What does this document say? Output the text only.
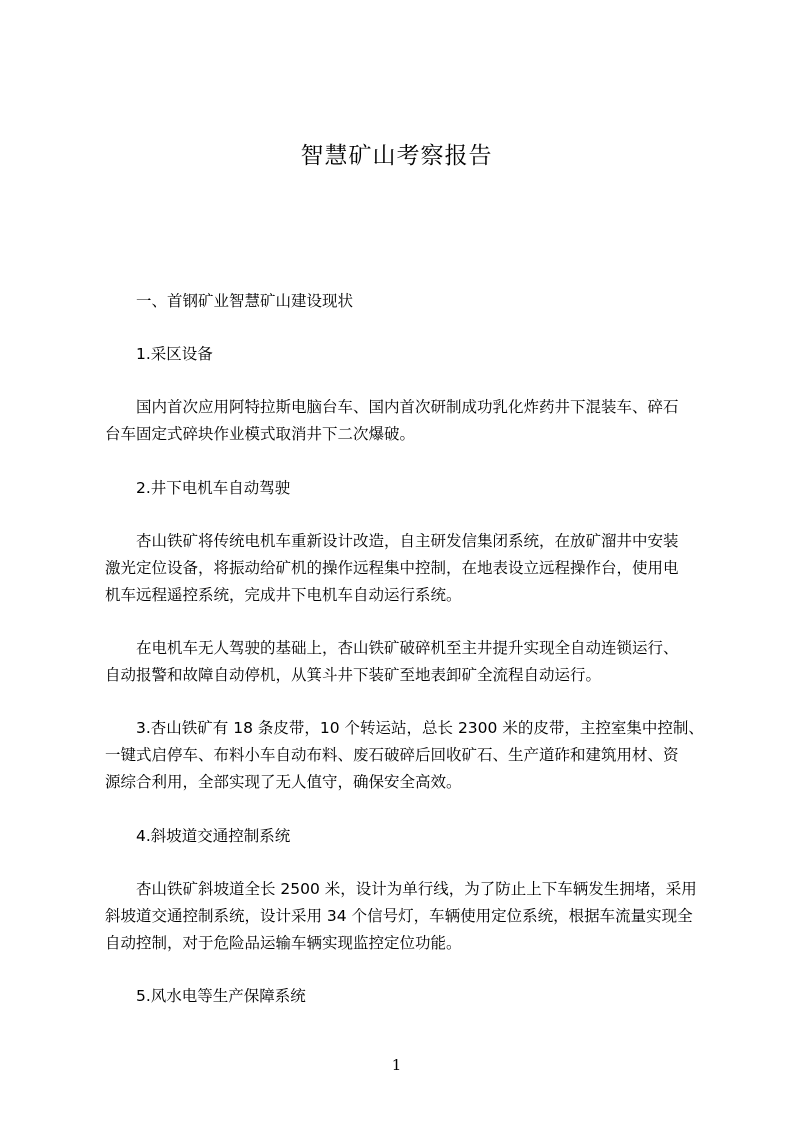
智慧矿山考察报告
一、首钢矿业智慧矿山建设现状
1.采区设备
国内首次应用阿特拉斯电脑台车、国内首次研制成功乳化炸药井下混装车、碎石
台车固定式碎块作业模式取消井下二次爆破。
2.井下电机车自动驾驶
杏山铁矿将传统电机车重新设计改造，自主研发信集闭系统，在放矿溜井中安装
激光定位设备，将振动给矿机的操作远程集中控制，在地表设立远程操作台，使用电
机车远程遥控系统，完成井下电机车自动运行系统。
在电机车无人驾驶的基础上，杏山铁矿破碎机至主井提升实现全自动连锁运行、
自动报警和故障自动停机，从箕斗井下装矿至地表卸矿全流程自动运行。
3.杏山铁矿有 18 条皮带，10 个转运站，总长 2300 米的皮带，主控室集中控制、
一键式启停车、布料小车自动布料、废石破碎后回收矿石、生产道砟和建筑用材、资
源综合利用，全部实现了无人值守，确保安全高效。
4.斜坡道交通控制系统
杏山铁矿斜坡道全长 2500 米，设计为单行线，为了防止上下车辆发生拥堵，采用
斜坡道交通控制系统，设计采用 34 个信号灯，车辆使用定位系统，根据车流量实现全
自动控制，对于危险品运输车辆实现监控定位功能。
5.风水电等生产保障系统
1
